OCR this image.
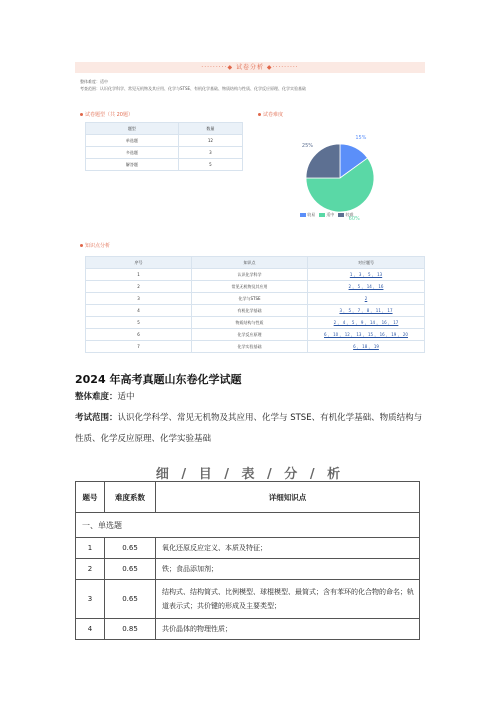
·········◆ 试卷分析 ◆·········
整体难度：适中
考查范围：认识化学科学、常见无机物及其应用、化学与STSE、有机化学基础、物质结构与性质、化学反应原理、化学实验基础
试卷题型（共 20题）
题型	数量
单选题	12
多选题	3
解答题	5
试卷难度
15%
60%
25%
较易	适中	较难
知识点分析
序号	知识点	对应题号
1	认识化学科学	1 ， 3 ， 5 ， 13
2	常见无机物及其应用	2 ， 5 ， 14 ， 16
3	化学与STSE	2
4	有机化学基础	3 ， 5 ， 7 ， 8 ， 11 ， 17
5	物质结构与性质	2 ， 4 ， 5 ， 9 ， 14 ， 16 ， 17
6	化学反应原理	6 ， 10 ， 12 ， 13 ， 15 ， 16 ， 19 ， 20
7	化学实验基础	6 ， 18 ， 19
2024 年高考真题山东卷化学试题
整体难度：适中
考试范围：认识化学科学、常见无机物及其应用、化学与 STSE、有机化学基础、物质结构与性质、化学反应原理、化学实验基础
细 / 目 / 表 / 分 / 析
题号	难度系数	详细知识点
一、单选题		
1	0.65	氧化还原反应定义、本质及特征；
2	0.65	铁；食品添加剂；
3	0.65	结构式、结构简式、比例模型、球棍模型、最简式；含有苯环的化合物的命名；轨道表示式；共价键的形成及主要类型；
4	0.85	共价晶体的物理性质；
